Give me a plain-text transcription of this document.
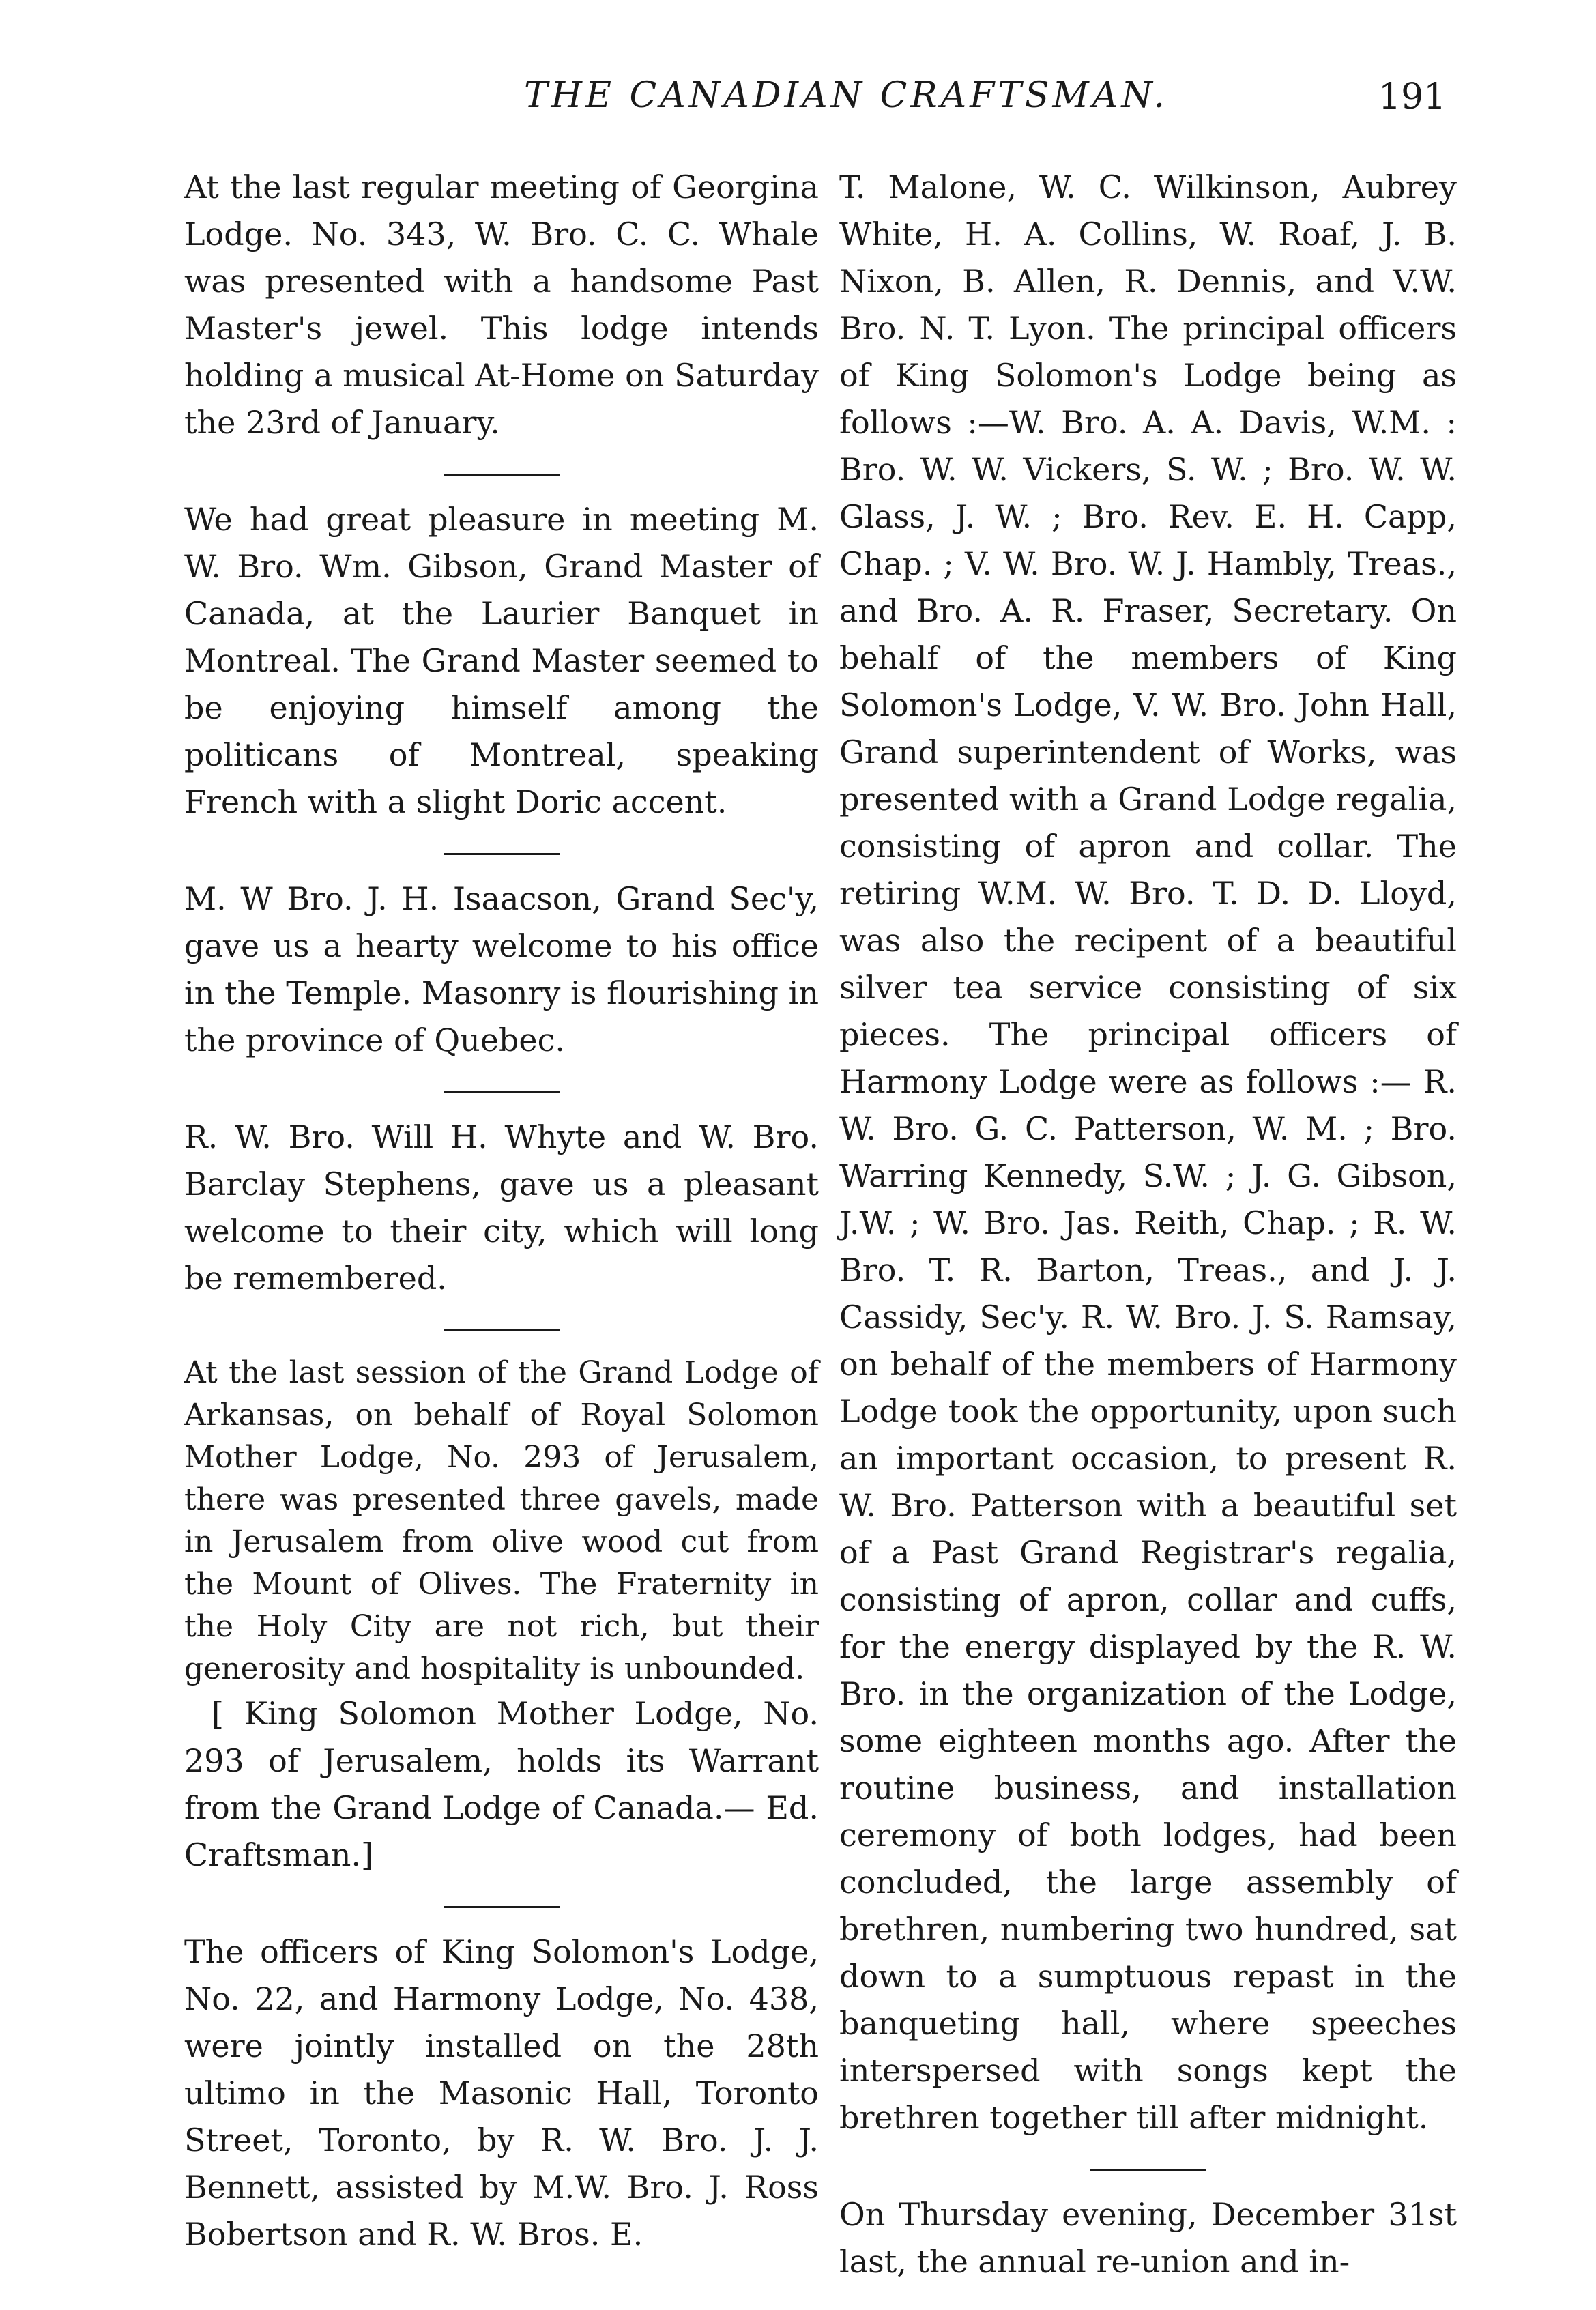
THE CANADIAN CRAFTSMAN.	191

At the last regular meeting of Georgina Lodge. No. 343, W. Bro. C. C. Whale was presented with a handsome Past Master's jewel. This lodge intends holding a musical At-Home on Saturday the 23rd of January.

We had great pleasure in meeting M. W. Bro. Wm. Gibson, Grand Master of Canada, at the Laurier Banquet in Montreal. The Grand Master seemed to be enjoying himself among the politicans of Montreal, speaking French with a slight Doric accent.

M. W Bro. J. H. Isaacson, Grand Sec'y, gave us a hearty welcome to his office in the Temple. Masonry is flourishing in the province of Quebec.

R. W. Bro. Will H. Whyte and W. Bro. Barclay Stephens, gave us a pleasant welcome to their city, which will long be remembered.

At the last session of the Grand Lodge of Arkansas, on behalf of Royal Solomon Mother Lodge, No. 293 of Jerusalem, there was presented three gavels, made in Jerusalem from olive wood cut from the Mount of Olives. The Fraternity in the Holy City are not rich, but their generosity and hospitality is unbounded.

[ King Solomon Mother Lodge, No. 293 of Jerusalem, holds its Warrant from the Grand Lodge of Canada.— Ed. Craftsman.]

The officers of King Solomon's Lodge, No. 22, and Harmony Lodge, No. 438, were jointly installed on the 28th ultimo in the Masonic Hall, Toronto Street, Toronto, by R. W. Bro. J. J. Bennett, assisted by M.W. Bro. J. Ross Bobertson and R. W. Bros. E.

T. Malone, W. C. Wilkinson, Aubrey White, H. A. Collins, W. Roaf, J. B. Nixon, B. Allen, R. Dennis, and V.W. Bro. N. T. Lyon. The principal officers of King Solomon's Lodge being as follows :—W. Bro. A. A. Davis, W.M. : Bro. W. W. Vickers, S. W. ; Bro. W. W. Glass, J. W. ; Bro. Rev. E. H. Capp, Chap. ; V. W. Bro. W. J. Hambly, Treas., and Bro. A. R. Fraser, Secretary. On behalf of the members of King Solomon's Lodge, V. W. Bro. John Hall, Grand superintendent of Works, was presented with a Grand Lodge regalia, consisting of apron and collar. The retiring W.M. W. Bro. T. D. D. Lloyd, was also the recipent of a beautiful silver tea service consisting of six pieces. The principal officers of Harmony Lodge were as follows :— R. W. Bro. G. C. Patterson, W. M. ; Bro. Warring Kennedy, S.W. ; J. G. Gibson, J.W. ; W. Bro. Jas. Reith, Chap. ; R. W. Bro. T. R. Barton, Treas., and J. J. Cassidy, Sec'y. R. W. Bro. J. S. Ramsay, on behalf of the members of Harmony Lodge took the opportunity, upon such an important occasion, to present R. W. Bro. Patterson with a beautiful set of a Past Grand Registrar's regalia, consisting of apron, collar and cuffs, for the energy displayed by the R. W. Bro. in the organization of the Lodge, some eighteen months ago. After the routine business, and installation ceremony of both lodges, had been concluded, the large assembly of brethren, numbering two hundred, sat down to a sumptuous repast in the banqueting hall, where speeches interspersed with songs kept the brethren together till after midnight.

On Thursday evening, December 31st last, the annual re-union and in-
